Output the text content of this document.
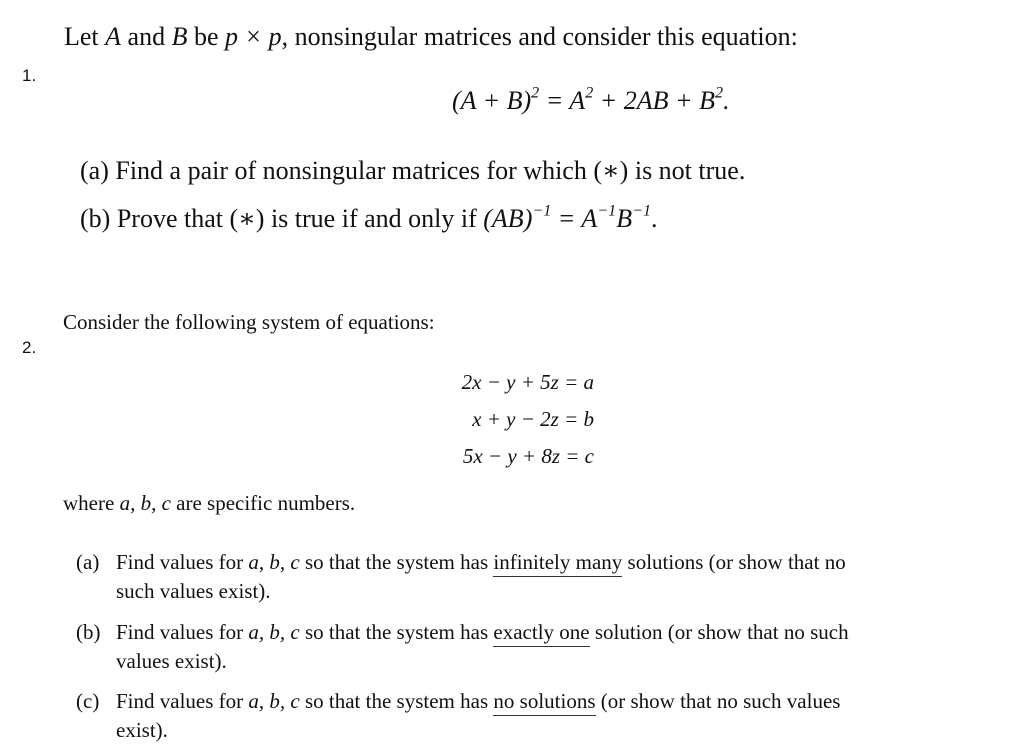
1.
Let A and B be p × p, nonsingular matrices and consider this equation:
$(A + B)^2 = A^2 + 2AB + B^2$.
(a) Find a pair of nonsingular matrices for which (∗) is not true.
(b) Prove that (∗) is true if and only if $(AB)^{-1} = A^{-1}B^{-1}$.
2.
Consider the following system of equations:
2x − y + 5z = a
x + y − 2z = b
5x − y + 8z = c
where a, b, c are specific numbers.
(a) Find values for a, b, c so that the system has infinitely many solutions (or show that no
such values exist).
(b) Find values for a, b, c so that the system has exactly one solution (or show that no such
values exist).
(c) Find values for a, b, c so that the system has no solutions (or show that no such values
exist).
